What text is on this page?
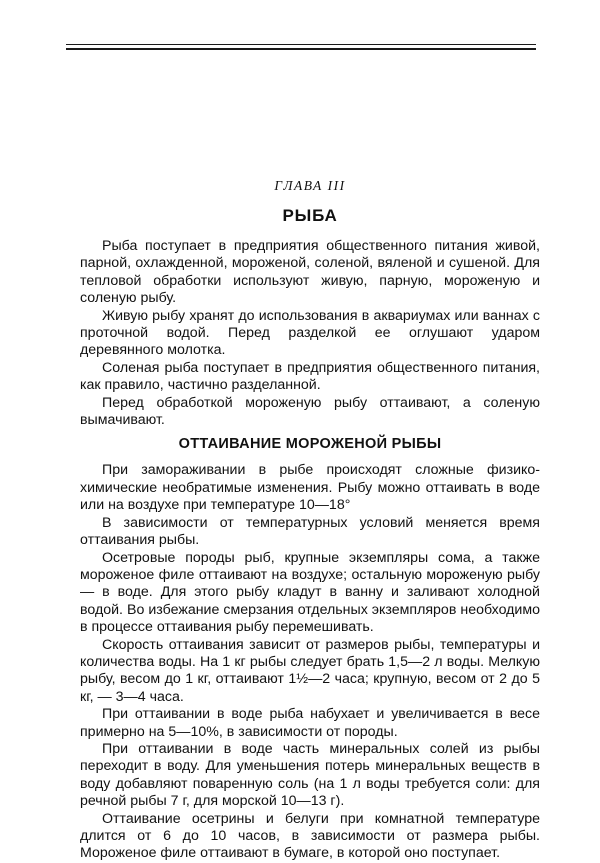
ГЛАВА III
РЫБА

Рыба поступает в предприятия общественного питания живой, парной, охлажденной, мороженой, соленой, вяленой и сушеной. Для тепловой обработки используют живую, парную, мороженую и соленую рыбу.

Живую рыбу хранят до использования в аквариумах или ваннах с проточной водой. Перед разделкой ее оглушают ударом деревянного молотка.

Соленая рыба поступает в предприятия общественного питания, как правило, частично разделанной.

Перед обработкой мороженую рыбу оттаивают, а соленую вымачивают.

ОТТАИВАНИЕ МОРОЖЕНОЙ РЫБЫ

При замораживании в рыбе происходят сложные физико-химические необратимые изменения. Рыбу можно оттаивать в воде или на воздухе при температуре 10—18°

В зависимости от температурных условий меняется время оттаивания рыбы.

Осетровые породы рыб, крупные экземпляры сома, а также мороженое филе оттаивают на воздухе; остальную мороженую рыбу — в воде. Для этого рыбу кладут в ванну и заливают холодной водой. Во избежание смерзания отдельных экземпляров необходимо в процессе оттаивания рыбу перемешивать.

Скорость оттаивания зависит от размеров рыбы, температуры и количества воды. На 1 кг рыбы следует брать 1,5—2 л воды. Мелкую рыбу, весом до 1 кг, оттаивают 1½—2 часа; крупную, весом от 2 до 5 кг, — 3—4 часа.

При оттаивании в воде рыба набухает и увеличивается в весе примерно на 5—10%, в зависимости от породы.

При оттаивании в воде часть минеральных солей из рыбы переходит в воду. Для уменьшения потерь минеральных веществ в воду добавляют поваренную соль (на 1 л воды требуется соли: для речной рыбы 7 г, для морской 10—13 г).

Оттаивание осетрины и белуги при комнатной температуре длится от 6 до 10 часов, в зависимости от размера рыбы. Мороженое филе оттаивают в бумаге, в которой оно поступает.
